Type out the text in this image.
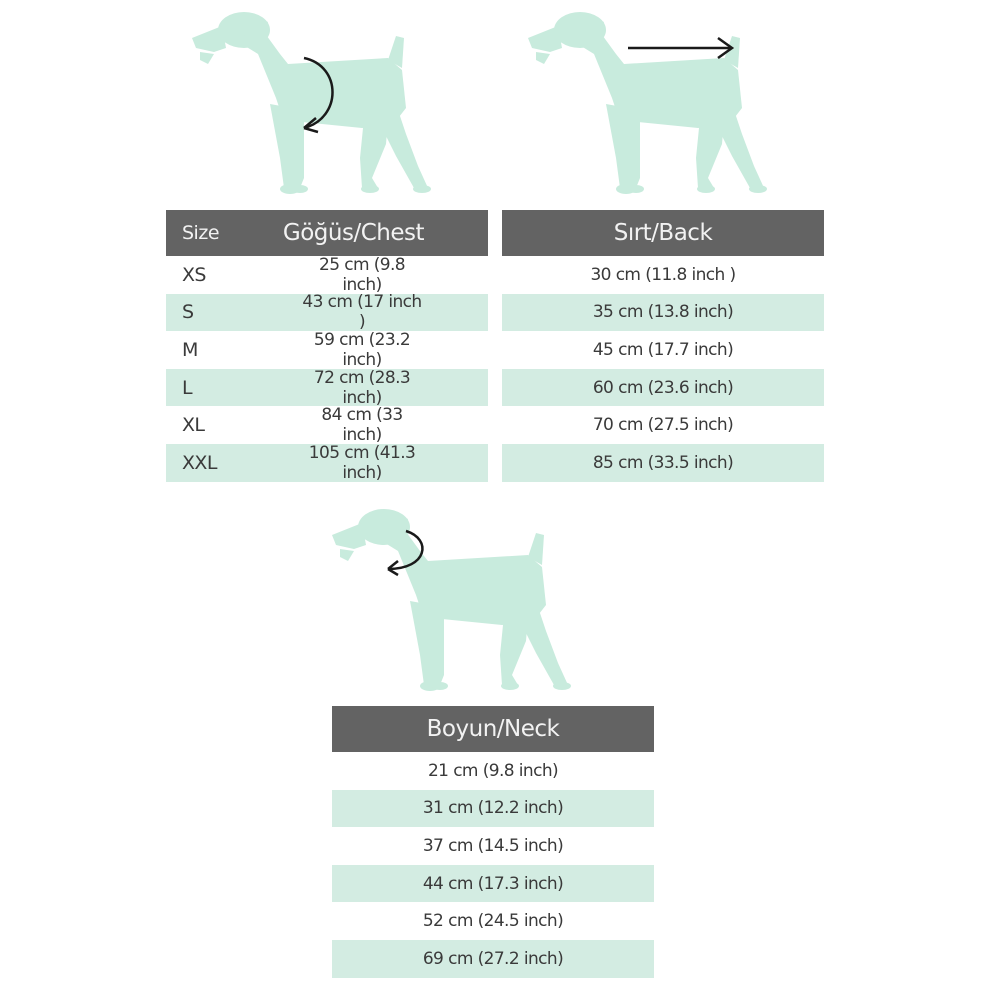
Size	Göğüs/Chest
XS	25 cm (9.8 inch)
S	43 cm (17 inch )
M	59 cm (23.2 inch)
L	72 cm (28.3 inch)
XL	84 cm (33 inch)
XXL	105 cm (41.3 inch)
Sırt/Back
30 cm (11.8 inch )
35 cm (13.8 inch)
45 cm (17.7 inch)
60 cm (23.6 inch)
70 cm (27.5 inch)
85 cm (33.5 inch)
Boyun/Neck
21 cm (9.8 inch)
31 cm (12.2 inch)
37 cm (14.5 inch)
44 cm (17.3 inch)
52 cm (24.5 inch)
69 cm (27.2 inch)
